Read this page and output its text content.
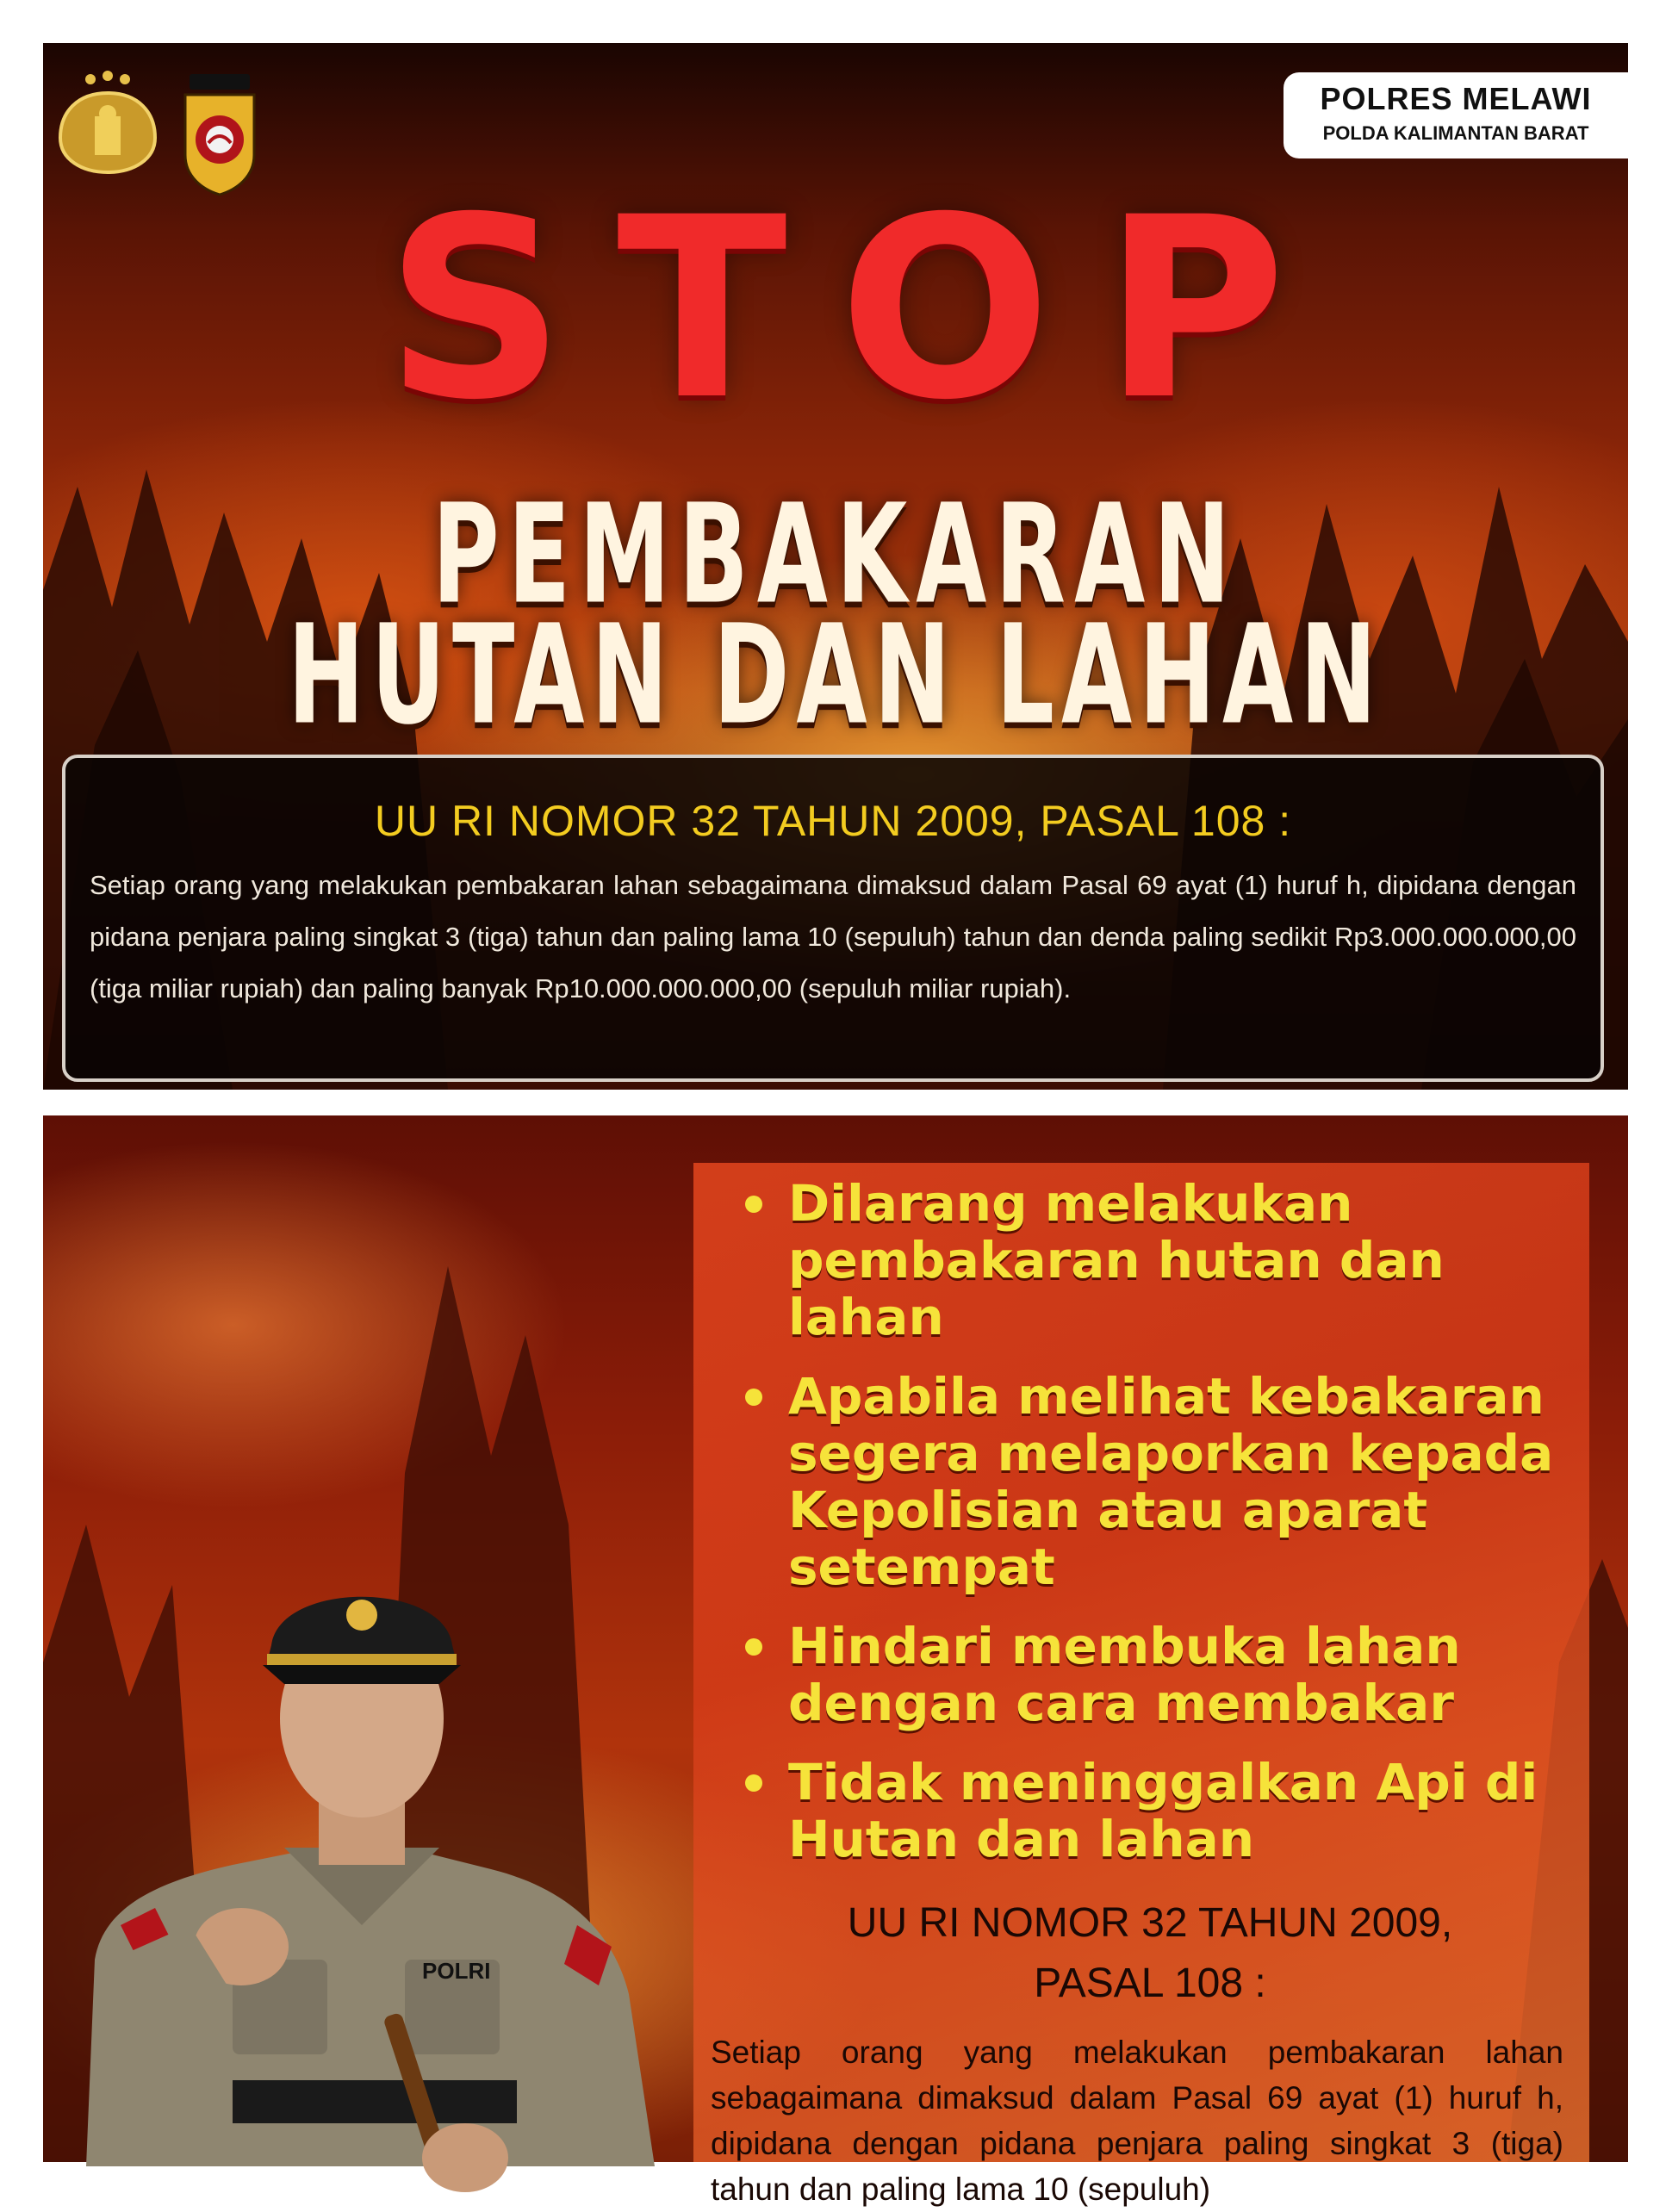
POLRES MELAWI
POLDA KALIMANTAN BARAT
STOP
PEMBAKARAN
HUTAN DAN LAHAN
UU RI NOMOR 32 TAHUN 2009, PASAL 108 :
Setiap orang yang melakukan pembakaran lahan sebagaimana dimaksud dalam Pasal 69 ayat (1) huruf h, dipidana dengan pidana penjara paling singkat 3 (tiga) tahun dan paling lama 10 (sepuluh) tahun dan denda paling sedikit Rp3.000.000.000,00 (tiga miliar rupiah) dan paling banyak Rp10.000.000.000,00 (sepuluh miliar rupiah).
POLRI
Dilarang melakukan pembakaran hutan dan lahan
Apabila melihat kebakaran segera melaporkan kepada Kepolisian atau aparat setempat
Hindari membuka lahan dengan cara membakar
Tidak meninggalkan Api di Hutan dan lahan
UU RI NOMOR 32 TAHUN 2009,
PASAL 108 :
Setiap orang yang melakukan pembakaran lahan sebagaimana dimaksud dalam Pasal 69 ayat (1) huruf h, dipidana dengan pidana penjara paling singkat 3 (tiga) tahun dan paling lama 10 (sepuluh)
